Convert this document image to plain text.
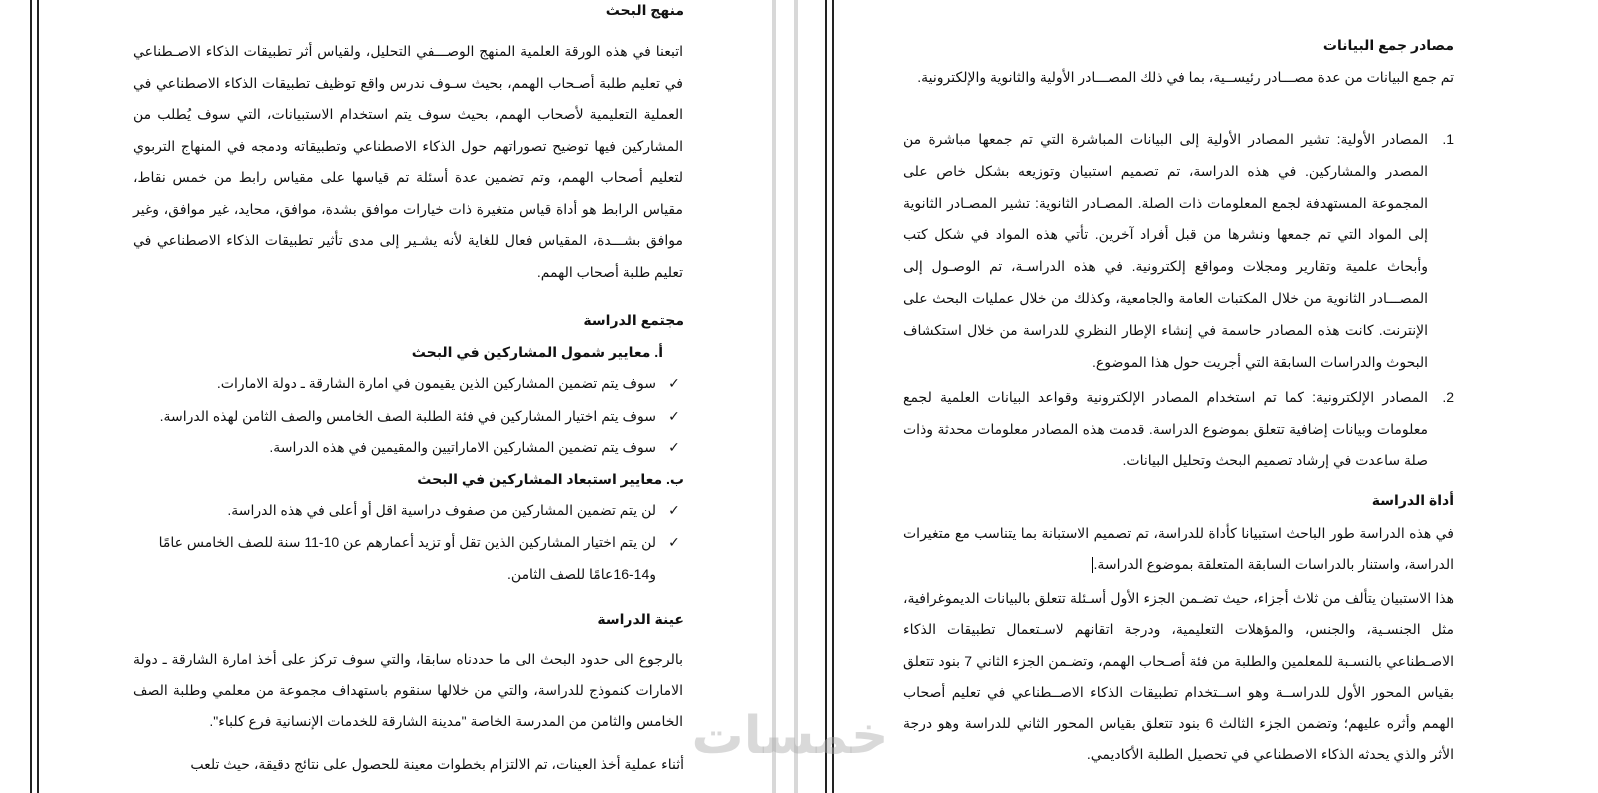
منهج البحث
اتبعنا في هذه الورقة العلمية المنهج الوصـــفي التحليل، ولقياس أثر تطبيقات الذكاء الاصـطناعي في تعليم طلبة أصـحاب الهمم، بحيث سـوف ندرس واقع توظيف تطبيقات الذكاء الاصطناعي في العملية التعليمية لأصحاب الهمم، بحيث سوف يتم استخدام الاستبيانات، التي سوف يُطلب من المشاركين فيها توضيح تصوراتهم حول الذكاء الاصطناعي وتطبيقاته ودمجه في المنهاج التربوي لتعليم أصحاب الهمم، وتم تضمين عدة أسئلة تم قياسها على مقياس رابط من خمس نقاط، مقياس الرابط هو أداة قياس متغيرة ذات خيارات موافق بشدة، موافق، محايد، غير موافق، وغير موافق بشـــدة، المقياس فعال للغاية لأنه يشـير إلى مدى تأثير تطبيقات الذكاء الاصطناعي في تعليم طلبة أصحاب الهمم.
مجتمع الدراسة
أ. معايير شمول المشاركين في البحث
✓سوف يتم تضمين المشاركين الذين يقيمون في امارة الشارقة ـ دولة الامارات.
✓سوف يتم اختيار المشاركين في فئة الطلبة الصف الخامس والصف الثامن لهذه الدراسة.
✓سوف يتم تضمين المشاركين الاماراتيين والمقيمين في هذه الدراسة.
ب. معايير استبعاد المشاركين في البحث
✓لن يتم تضمين المشاركين من صفوف دراسية اقل أو أعلى في هذه الدراسة.
✓لن يتم اختيار المشاركين الذين تقل أو تزيد أعمارهم عن 10-11 سنة للصف الخامس عامًا
و14-16عامًا للصف الثامن.
عينة الدراسة
بالرجوع الى حدود البحث الى ما حددناه سابقا، والتي سوف تركز على أخذ امارة الشارقة ـ دولة الامارات كنموذج للدراسة، والتي من خلالها سنقوم باستهداف مجموعة من معلمي وطلبة الصف الخامس والثامن من المدرسة الخاصة "مدينة الشارقة للخدمات الإنسانية فرع كلباء".
أثناء عملية أخذ العينات، تم الالتزام بخطوات معينة للحصول على نتائج دقيقة، حيث تلعب
مصادر جمع البيانات
تم جمع البيانات من عدة مصـــادر رئيســية، بما في ذلك المصـــادر الأولية والثانوية والإلكترونية.
1.
المصادر الأولية: تشير المصادر الأولية إلى البيانات المباشرة التي تم جمعها مباشرة من المصدر والمشاركين. في هذه الدراسة، تم تصميم استبيان وتوزيعه بشكل خاص على المجموعة المستهدفة لجمع المعلومات ذات الصلة. المصـادر الثانوية: تشير المصـادر الثانوية إلى المواد التي تم جمعها ونشرها من قبل أفراد آخرين. تأتي هذه المواد في شكل كتب وأبحاث علمية وتقارير ومجلات ومواقع إلكترونية. في هذه الدراسـة، تم الوصـول إلى المصـــادر الثانوية من خلال المكتبات العامة والجامعية، وكذلك من خلال عمليات البحث على الإنترنت. كانت هذه المصادر حاسمة في إنشاء الإطار النظري للدراسة من خلال استكشاف البحوث والدراسات السابقة التي أجريت حول هذا الموضوع.
2.
المصادر الإلكترونية: كما تم استخدام المصادر الإلكترونية وقواعد البيانات العلمية لجمع معلومات وبيانات إضافية تتعلق بموضوع الدراسة. قدمت هذه المصادر معلومات محدثة وذات صلة ساعدت في إرشاد تصميم البحث وتحليل البيانات.
أداة الدراسة
في هذه الدراسة طور الباحث استبيانا كأداة للدراسة، تم تصميم الاستبانة بما يتناسب مع متغيرات الدراسة، واستنار بالدراسات السابقة المتعلقة بموضوع الدراسة.
هذا الاستبيان يتألف من ثلاث أجزاء، حيث تضـمن الجزء الأول أسـئلة تتعلق بالبيانات الديموغرافية، مثل الجنسـية، والجنس، والمؤهلات التعليمية، ودرجة اتقانهم لاسـتعمال تطبيقات الذكاء الاصـطناعي بالنسـبة للمعلمين والطلبة من فئة أصـحاب الهمم، وتضـمن الجزء الثاني 7 بنود تتعلق بقياس المحور الأول للدراســة وهو اســتخدام تطبيقات الذكاء الاصــطناعي في تعليم أصحاب الهمم وأثره عليهم؛ وتضمن الجزء الثالث 6 بنود تتعلق بقياس المحور الثاني للدراسة وهو درجة الأثر والذي يحدثه الذكاء الاصطناعي في تحصيل الطلبة الأكاديمي.
خمسات
